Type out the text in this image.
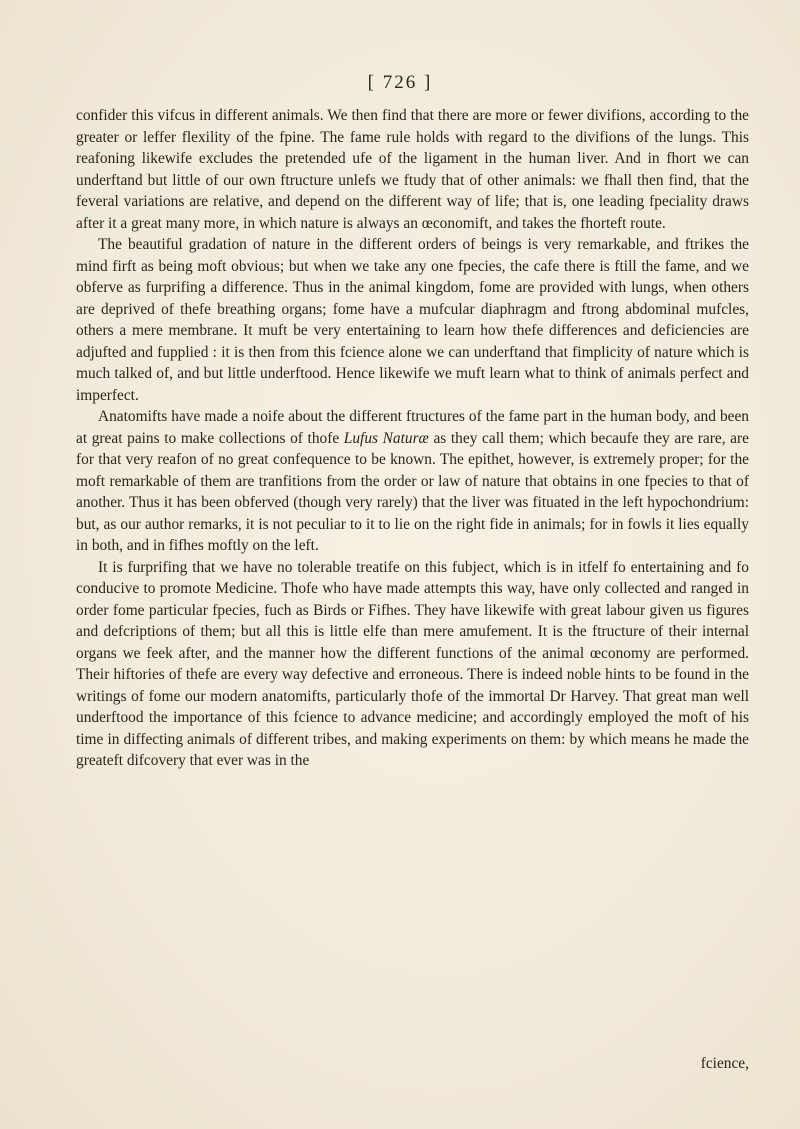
[ 726 ]

confider this vifcus in different animals. We then find that there are more or fewer divifions, according to the greater or leffer flexility of the fpine. The fame rule holds with regard to the divifions of the lungs. This reafoning likewife excludes the pretended ufe of the ligament in the human liver. And in fhort we can underftand but little of our own ftructure unlefs we ftudy that of other animals: we fhall then find, that the feveral variations are relative, and depend on the different way of life; that is, one leading fpeciality draws after it a great many more, in which nature is always an œconomift, and takes the fhorteft route.

The beautiful gradation of nature in the different orders of beings is very remarkable, and ftrikes the mind firft as being moft obvious; but when we take any one fpecies, the cafe there is ftill the fame, and we obferve as furprifing a difference. Thus in the animal kingdom, fome are provided with lungs, when others are deprived of thefe breathing organs; fome have a mufcular diaphragm and ftrong abdominal mufcles, others a mere membrane. It muft be very entertaining to learn how thefe differences and deficiencies are adjufted and fupplied : it is then from this fcience alone we can underftand that fimplicity of nature which is much talked of, and but little underftood. Hence likewife we muft learn what to think of animals perfect and imperfect.

Anatomifts have made a noife about the different ftructures of the fame part in the human body, and been at great pains to make collections of thofe Lufus Naturæ as they call them; which becaufe they are rare, are for that very reafon of no great confequence to be known. The epithet, however, is extremely proper; for the moft remarkable of them are tranfitions from the order or law of nature that obtains in one fpecies to that of another. Thus it has been obferved (though very rarely) that the liver was fituated in the left hypochondrium: but, as our author remarks, it is not peculiar to it to lie on the right fide in animals; for in fowls it lies equally in both, and in fifhes moftly on the left.

It is furprifing that we have no tolerable treatife on this fubject, which is in itfelf fo entertaining and fo conducive to promote Medicine. Thofe who have made attempts this way, have only collected and ranged in order fome particular fpecies, fuch as Birds or Fifhes. They have likewife with great labour given us figures and defcriptions of them; but all this is little elfe than mere amufement. It is the ftructure of their internal organs we feek after, and the manner how the different functions of the animal œconomy are performed. Their hiftories of thefe are every way defective and erroneous. There is indeed noble hints to be found in the writings of fome our modern anatomifts, particularly thofe of the immortal Dr Harvey. That great man well underftood the importance of this fcience to advance medicine; and accordingly employed the moft of his time in diffecting animals of different tribes, and making experiments on them: by which means he made the greateft difcovery that ever was in the

fcience,
